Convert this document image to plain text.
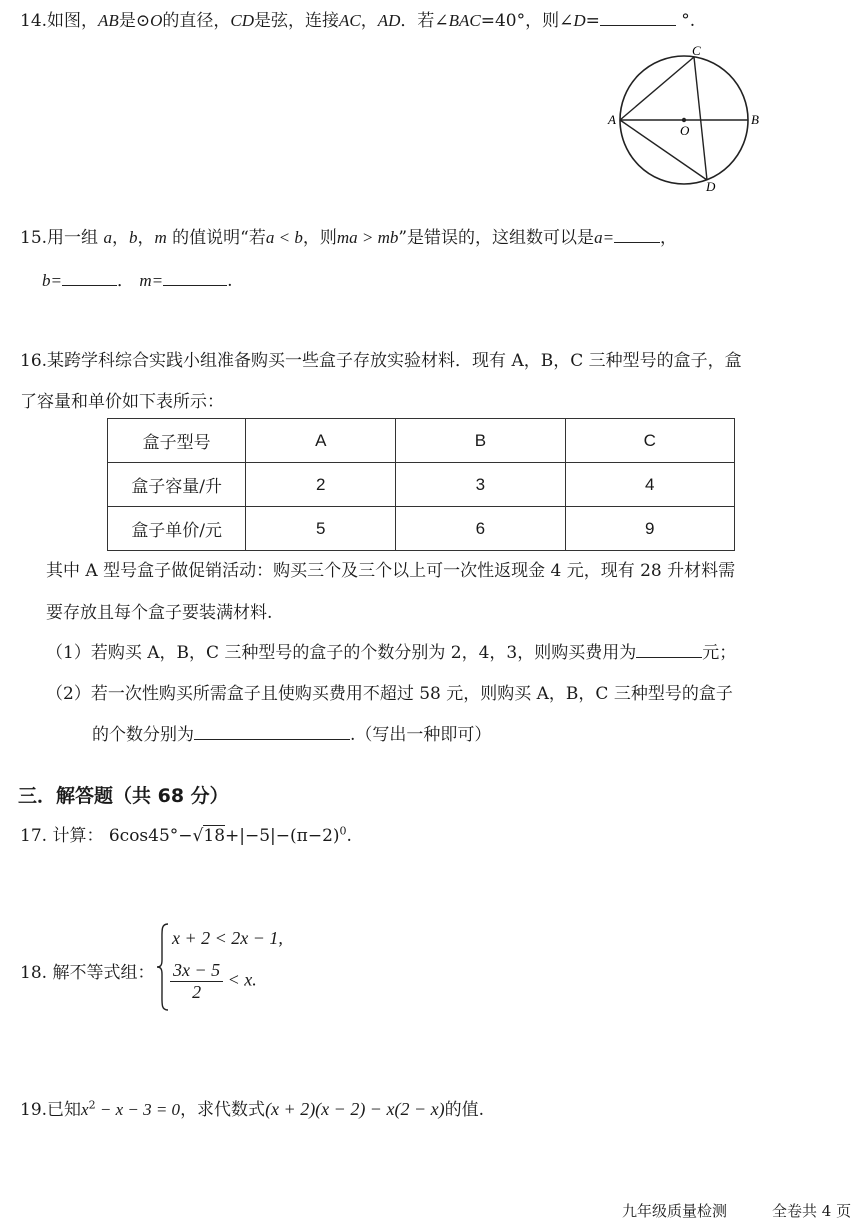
14.如图，AB是⊙O的直径，CD是弦，连接AC，AD．若∠BAC=40°，则∠D=	°.
A	B
C
D
O
15.用一组 a，b，m 的值说明“若a < b，则ma > mb”是错误的，这组数可以是a=	，
b=	． m=	.
16.某跨学科综合实践小组准备购买一些盒子存放实验材料．现有 A，B，C 三种型号的盒子，盒
了容量和单价如下表所示：
盒子型号	A	B	C
盒子容量/升	2	3	4
盒子单价/元	5	6	9
其中 A 型号盒子做促销活动：购买三个及三个以上可一次性返现金 4 元，现有 28 升材料需
要存放且每个盒子要装满材料.
（1）若购买 A，B，C 三种型号的盒子的个数分别为 2，4，3，则购买费用为	元；
（2）若一次性购买所需盒子且使购买费用不超过 58 元，则购买 A，B，C 三种型号的盒子
的个数分别为	.（写出一种即可）
三．解答题（共 68 分）
17. 计算： $6\cos 45^\circ-√18+|-5|-(\pi-2)^0$.
18. 解不等式组：
x + 2 < 2x − 1,
$\frac{3x - 5}{2} < x$.
19.已知$x^2 - x - 3 = 0$，求代数式(x + 2)(x − 2) − x(2 − x)的值.
九年级质量检测	全卷共 4 页
